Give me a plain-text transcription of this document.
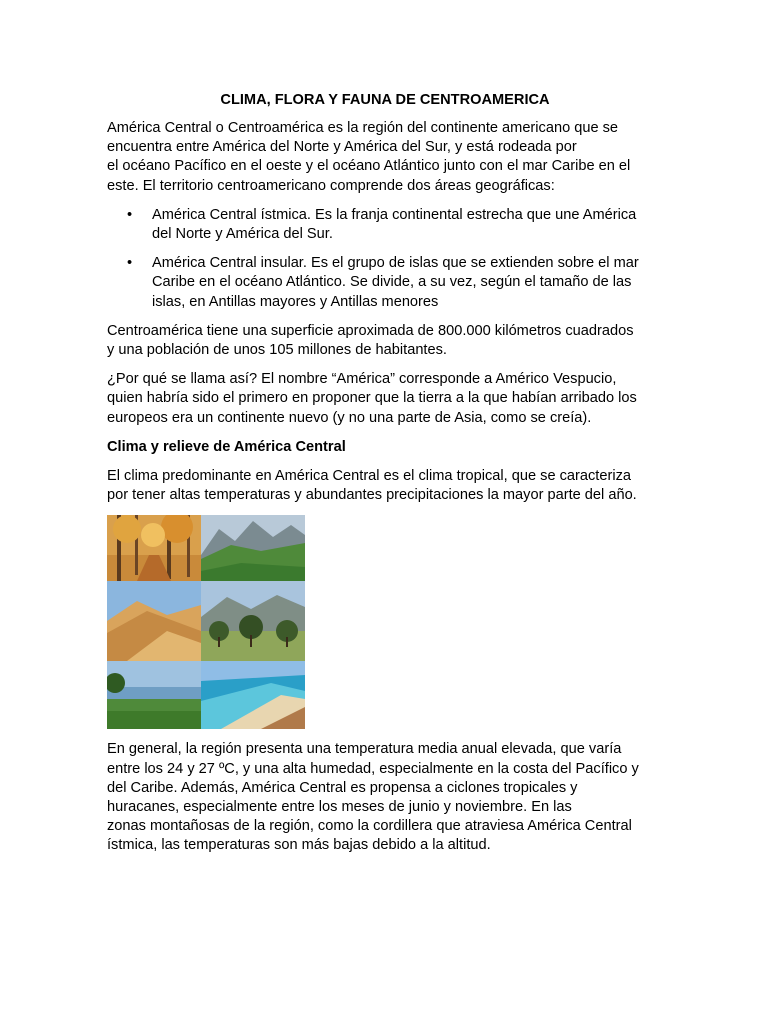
CLIMA, FLORA Y FAUNA DE CENTROAMERICA

América Central o Centroamérica es la región del continente americano que se
encuentra entre América del Norte y América del Sur, y está rodeada por
el océano Pacífico en el oeste y el océano Atlántico junto con el mar Caribe en el
este. El territorio centroamericano comprende dos áreas geográficas:

• América Central ístmica. Es la franja continental estrecha que une América
del Norte y América del Sur.
• América Central insular. Es el grupo de islas que se extienden sobre el mar
Caribe en el océano Atlántico. Se divide, a su vez, según el tamaño de las
islas, en Antillas mayores y Antillas menores

Centroamérica tiene una superficie aproximada de 800.000 kilómetros cuadrados
y una población de unos 105 millones de habitantes.

¿Por qué se llama así? El nombre “América” corresponde a Américo Vespucio,
quien habría sido el primero en proponer que la tierra a la que habían arribado los
europeos era un continente nuevo (y no una parte de Asia, como se creía).

Clima y relieve de América Central

El clima predominante en América Central es el clima tropical, que se caracteriza
por tener altas temperaturas y abundantes precipitaciones la mayor parte del año.

En general, la región presenta una temperatura media anual elevada, que varía
entre los 24 y 27 ºC, y una alta humedad, especialmente en la costa del Pacífico y
del Caribe. Además, América Central es propensa a ciclones tropicales y
huracanes, especialmente entre los meses de junio y noviembre. En las
zonas montañosas de la región, como la cordillera que atraviesa América Central
ístmica, las temperaturas son más bajas debido a la altitud.
